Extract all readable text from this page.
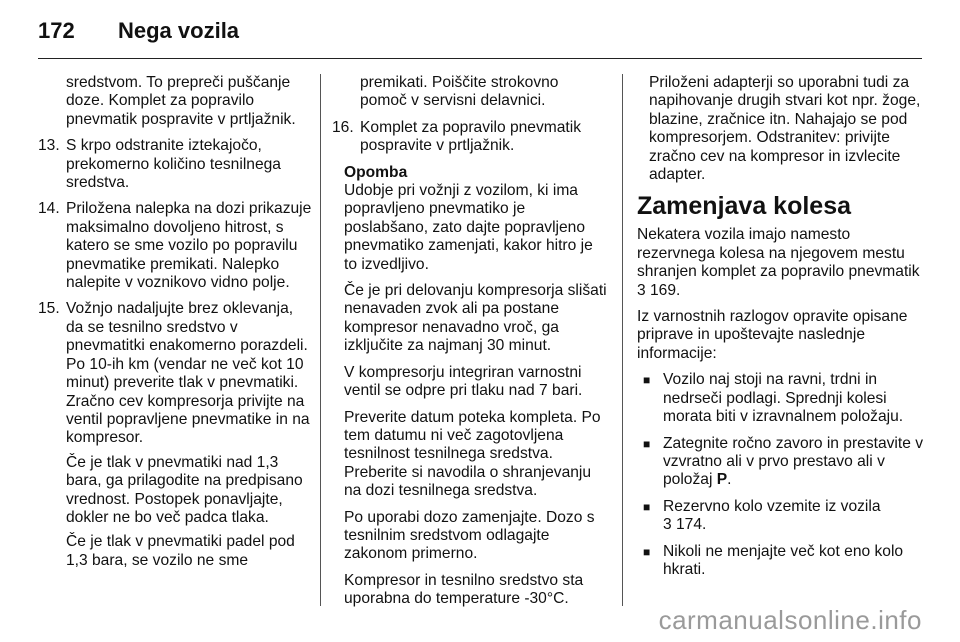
172 Nega vozila

sredstvom. To prepreči puščanje doze. Komplet za popravilo pnevmatik pospravite v prtljažnik.

13. S krpo odstranite iztekajočo, prekomerno količino tesnilnega sredstva.

14. Priložena nalepka na dozi prikazuje maksimalno dovoljeno hitrost, s katero se sme vozilo po popravilu pnevmatike premikati. Nalepko nalepite v voznikovo vidno polje.

15. Vožnjo nadaljujte brez oklevanja, da se tesnilno sredstvo v pnevmatitki enakomerno porazdeli. Po 10-ih km (vendar ne več kot 10 minut) preverite tlak v pnevmatiki. Zračno cev kompresorja privijte na ventil popravljene pnevmatike in na kompresor.

Če je tlak v pnevmatiki nad 1,3 bara, ga prilagodite na predpisano vrednost. Postopek ponavljajte, dokler ne bo več padca tlaka.

Če je tlak v pnevmatiki padel pod 1,3 bara, se vozilo ne sme

premikati. Poiščite strokovno pomoč v servisni delavnici.

16. Komplet za popravilo pnevmatik pospravite v prtljažnik.

Opomba

Udobje pri vožnji z vozilom, ki ima popravljeno pnevmatiko je poslabšano, zato dajte popravljeno pnevmatiko zamenjati, kakor hitro je to izvedljivo.

Če je pri delovanju kompresorja slišati nenavaden zvok ali pa postane kompresor nenavadno vroč, ga izključite za najmanj 30 minut.

V kompresorju integriran varnostni ventil se odpre pri tlaku nad 7 bari.

Preverite datum poteka kompleta. Po tem datumu ni več zagotovljena tesnilnost tesnilnega sredstva. Preberite si navodila o shranjevanju na dozi tesnilnega sredstva.

Po uporabi dozo zamenjajte. Dozo s tesnilnim sredstvom odlagajte zakonom primerno.

Kompresor in tesnilno sredstvo sta uporabna do temperature -30°C.

Priloženi adapterji so uporabni tudi za napihovanje drugih stvari kot npr. žoge, blazine, zračnice itn. Nahajajo se pod kompresorjem. Odstranitev: privijte zračno cev na kompresor in izvlecite adapter.

Zamenjava kolesa

Nekatera vozila imajo namesto rezervnega kolesa na njegovem mestu shranjen komplet za popravilo pnevmatik 3 169.

Iz varnostnih razlogov opravite opisane priprave in upoštevajte naslednje informacije:

■ Vozilo naj stoji na ravni, trdni in nedrseči podlagi. Sprednji kolesi morata biti v izravnalnem položaju.
■ Zategnite ročno zavoro in prestavite v vzvratno ali v prvo prestavo ali v položaj P.
■ Rezervno kolo vzemite iz vozila
3 174.
■ Nikoli ne menjajte več kot eno kolo hkrati.
carmanualsonline.info
